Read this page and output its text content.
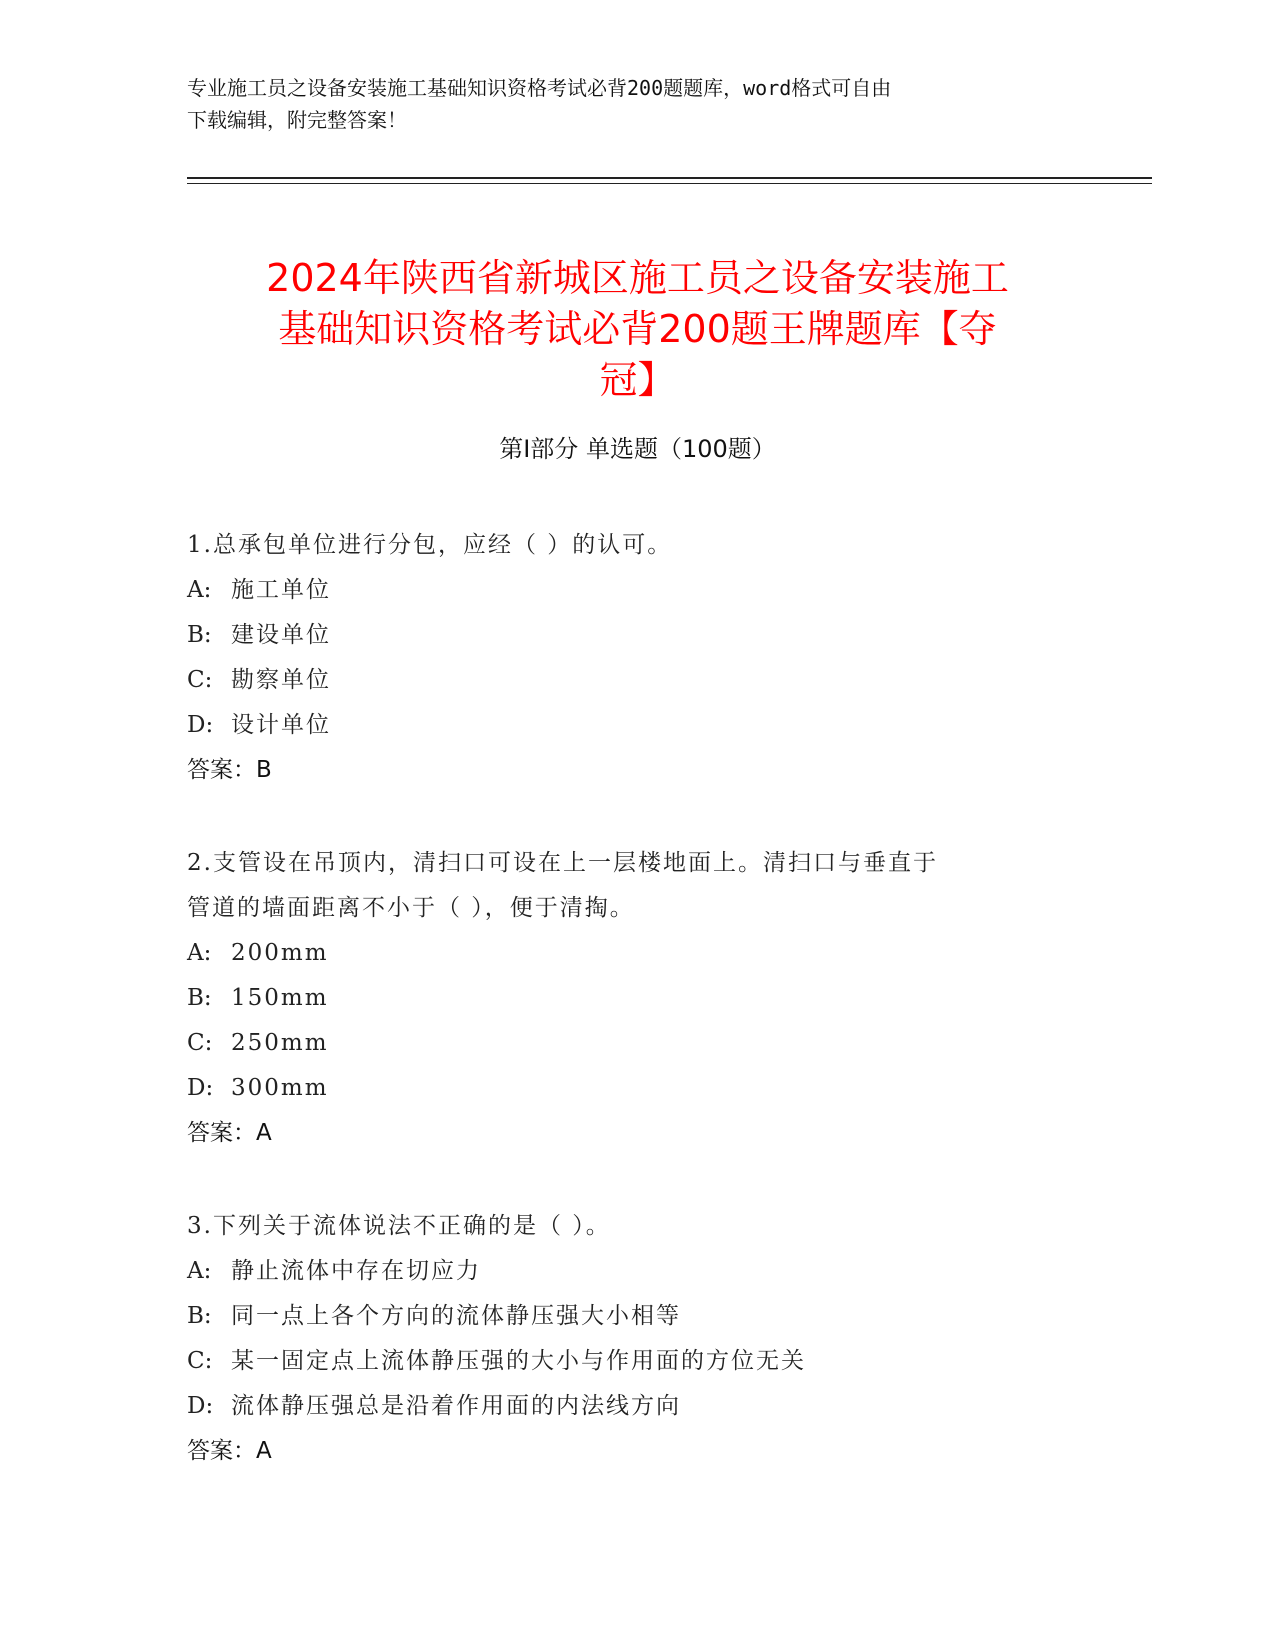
专业施工员之设备安装施工基础知识资格考试必背200题题库，word格式可自由
下载编辑，附完整答案！
2024年陕西省新城区施工员之设备安装施工
基础知识资格考试必背200题王牌题库【夺
冠】
第Ⅰ部分 单选题（100题）
1.总承包单位进行分包，应经（ ）的认可。
A: 施工单位
B: 建设单位
C: 勘察单位
D: 设计单位
答案：B
2.支管设在吊顶内，清扫口可设在上一层楼地面上。清扫口与垂直于
管道的墙面距离不小于（ ），便于清掏。
A: 200mm
B: 150mm
C: 250mm
D: 300mm
答案：A
3.下列关于流体说法不正确的是（ ）。
A: 静止流体中存在切应力
B: 同一点上各个方向的流体静压强大小相等
C: 某一固定点上流体静压强的大小与作用面的方位无关
D: 流体静压强总是沿着作用面的内法线方向
答案：A
